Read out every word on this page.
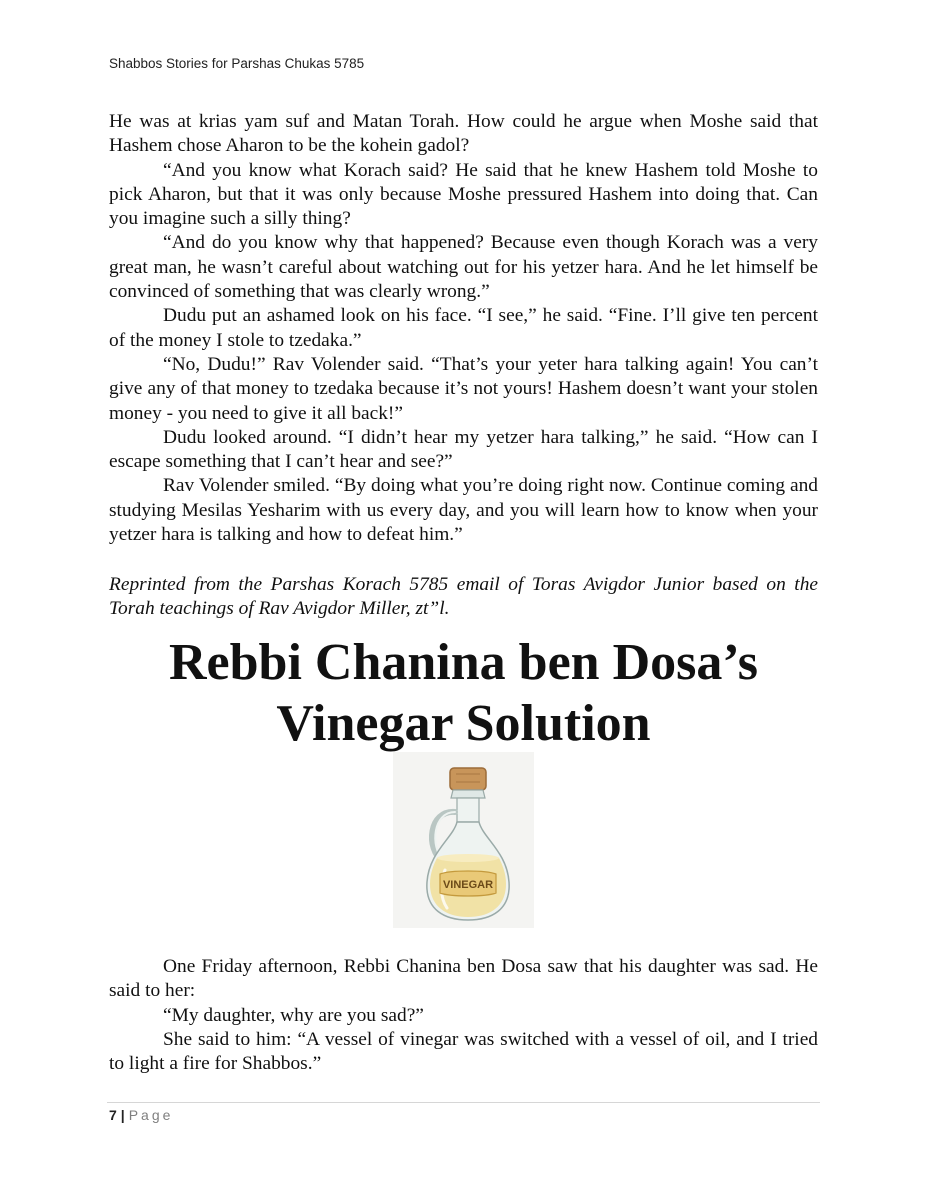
Shabbos Stories for Parshas Chukas 5785

He was at krias yam suf and Matan Torah. How could he argue when Moshe said that Hashem chose Aharon to be the kohein gadol?

“And you know what Korach said? He said that he knew Hashem told Moshe to pick Aharon, but that it was only because Moshe pressured Hashem into doing that. Can you imagine such a silly thing?

“And do you know why that happened? Because even though Korach was a very great man, he wasn’t careful about watching out for his yetzer hara. And he let himself be convinced of something that was clearly wrong.”

Dudu put an ashamed look on his face. “I see,” he said. “Fine. I’ll give ten percent of the money I stole to tzedaka.”

“No, Dudu!” Rav Volender said. “That’s your yeter hara talking again! You can’t give any of that money to tzedaka because it’s not yours! Hashem doesn’t want your stolen money - you need to give it all back!”

Dudu looked around. “I didn’t hear my yetzer hara talking,” he said. “How can I escape something that I can’t hear and see?”

Rav Volender smiled. “By doing what you’re doing right now. Continue coming and studying Mesilas Yesharim with us every day, and you will learn how to know when your yetzer hara is talking and how to defeat him.”

Reprinted from the Parshas Korach 5785 email of Toras Avigdor Junior based on the Torah teachings of Rav Avigdor Miller, zt”l.

Rebbi Chanina ben Dosa’s
Vinegar Solution
VINEGAR

One Friday afternoon, Rebbi Chanina ben Dosa saw that his daughter was sad. He said to her:

“My daughter, why are you sad?”

She said to him: “A vessel of vinegar was switched with a vessel of oil, and I tried to light a fire for Shabbos.”

7 | Page
